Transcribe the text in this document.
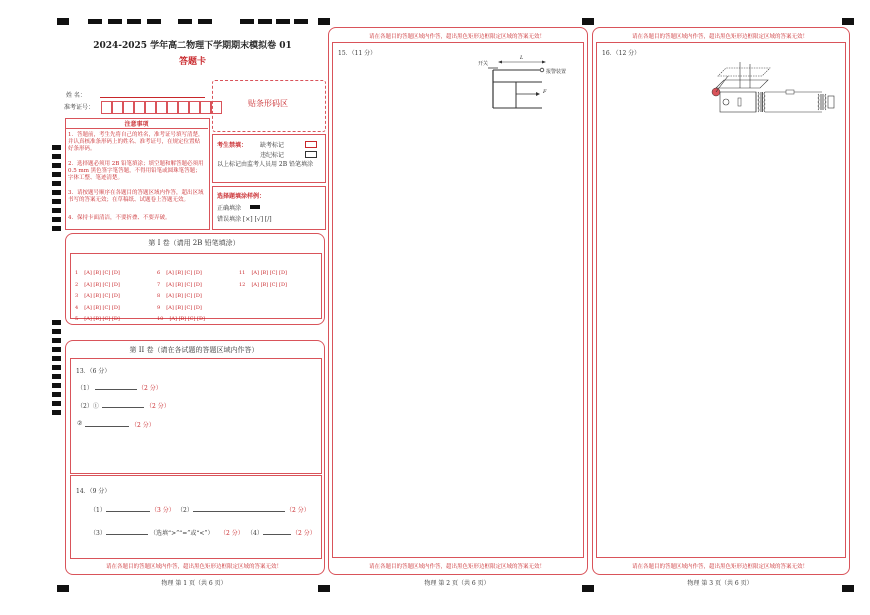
2024-2025 学年高二物理下学期期末模拟卷 01
答题卡
姓 名：
准考证号：	贴条形码区
注意事项
1．答题前，考生先将自己的姓名，准考证号填写清楚，并认真核准条形码上的姓名、准考证号，在规定位置贴好条形码。
2．选择题必须用 2B 铅笔填涂；填空题和解答题必须用 0.5 mm 黑色签字笔答题，不得用铅笔或圆珠笔答题；字体工整、笔迹清楚。
3．请按题号顺序在各题目的答题区域内作答，超出区域书写的答案无效；在草稿纸、试题卷上答题无效。
4．保持卡面清洁，不要折叠、不要弄破。
考生禁填： 缺考标记
违纪标记
以上标记由监考人员用 2B 铅笔填涂
选择题填涂样例：
正确填涂
错误填涂 [×] [√] [/]
第 I 卷（请用 2B 铅笔填涂）
1 [A] [B] [C] [D]
2 [A] [B] [C] [D]
3 [A] [B] [C] [D]
4 [A] [B] [C] [D]
5 [A] [B] [C] [D]
6 [A] [B] [C] [D]
7 [A] [B] [C] [D]
8 [A] [B] [C] [D]
9 [A] [B] [C] [D]
10 [A] [B] [C] [D]
11 [A] [B] [C] [D]
12 [A] [B] [C] [D]
第 II 卷（请在各试题的答题区域内作答）
13．（6 分）
（1）	（2 分）
（2）①	（2 分）
②	（2 分）
14．（9 分）
（1）	（3 分） （2）	（2 分）
（3）	（选填“>”“=”或“<”） （2 分） （4）	（2 分）
请在各题目的答题区域内作答，超出黑色矩形边框限定区域的答案无效！
物理 第 1 页（共 6 页）
请在各题目的答题区域内作答，超出黑色矩形边框限定区域的答案无效！
15．（11 分）
开关
L
报警装置
F
请在各题目的答题区域内作答，超出黑色矩形边框限定区域的答案无效！
物理 第 2 页（共 6 页）
请在各题目的答题区域内作答，超出黑色矩形边框限定区域的答案无效！
16．（12 分）
请在各题目的答题区域内作答，超出黑色矩形边框限定区域的答案无效！
物理 第 3 页（共 6 页）
